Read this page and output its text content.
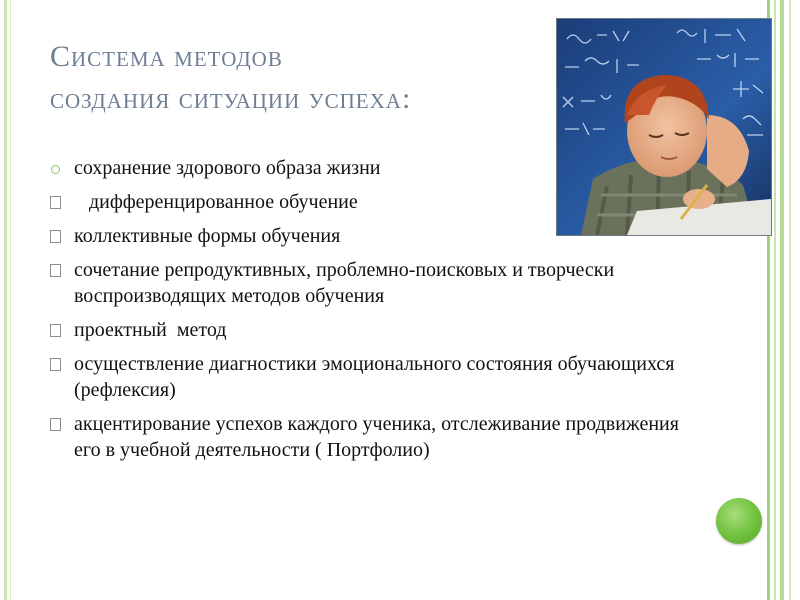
Система методов
создания ситуации успеха:
сохранение здорового образа жизни
дифференцированное обучение
коллективные формы обучения
сочетание репродуктивных, проблемно-поисковых и творчески воспроизводящих методов обучения
проектный  метод
осуществление диагностики эмоционального состояния обучающихся (рефлексия)
акцентирование успехов каждого ученика, отслеживание продвижения его в учебной деятельности ( Портфолио)
